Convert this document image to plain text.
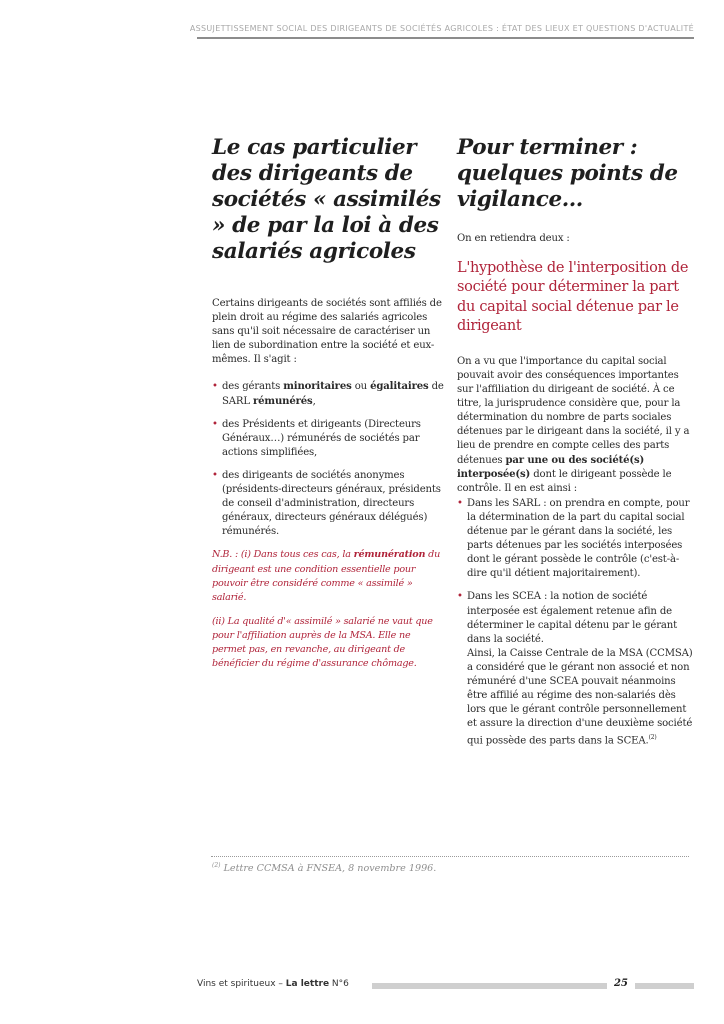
ASSUJETTISSEMENT SOCIAL DES DIRIGEANTS DE SOCIÉTÉS AGRICOLES : ÉTAT DES LIEUX ET QUESTIONS D'ACTUALITÉ
Le cas particulier des dirigeants de sociétés « assimilés » de par la loi à des salariés agricoles

Certains dirigeants de sociétés sont affiliés de plein droit au régime des salariés agricoles sans qu'il soit nécessaire de caractériser un lien de subordination entre la société et eux-mêmes. Il s'agit :

• des gérants minoritaires ou égalitaires de SARL rémunérés,
• des Présidents et dirigeants (Directeurs Généraux…) rémunérés de sociétés par actions simplifiées,
• des dirigeants de sociétés anonymes (présidents-directeurs généraux, présidents de conseil d'administration, directeurs généraux, directeurs généraux délégués) rémunérés.

N.B. : (i) Dans tous ces cas, la rémunération du dirigeant est une condition essentielle pour pouvoir être considéré comme « assimilé » salarié.

(ii) La qualité d'« assimilé » salarié ne vaut que pour l'affiliation auprès de la MSA. Elle ne permet pas, en revanche, au dirigeant de bénéficier du régime d'assurance chômage.

Pour terminer : quelques points de vigilance…

On en retiendra deux :

L'hypothèse de l'interposition de société pour déterminer la part du capital social détenue par le dirigeant

On a vu que l'importance du capital social pouvait avoir des conséquences importantes sur l'affiliation du dirigeant de société. À ce titre, la jurisprudence considère que, pour la détermination du nombre de parts sociales détenues par le dirigeant dans la société, il y a lieu de prendre en compte celles des parts détenues par une ou des société(s) interposée(s) dont le dirigeant possède le contrôle. Il en est ainsi :

• Dans les SARL : on prendra en compte, pour la détermination de la part du capital social détenue par le gérant dans la société, les parts détenues par les sociétés interposées dont le gérant possède le contrôle (c'est-à-dire qu'il détient majoritairement).
• Dans les SCEA : la notion de société interposée est également retenue afin de déterminer le capital détenu par le gérant dans la société.
Ainsi, la Caisse Centrale de la MSA (CCMSA) a considéré que le gérant non associé et non rémunéré d'une SCEA pouvait néanmoins être affilié au régime des non-salariés dès lors que le gérant contrôle personnellement et assure la direction d'une deuxième société qui possède des parts dans la SCEA.$^{(2)}$
$^{(2)}$ Lettre CCMSA à FNSEA, 8 novembre 1996.
Vins et spiritueux – La lettre N°6	25
